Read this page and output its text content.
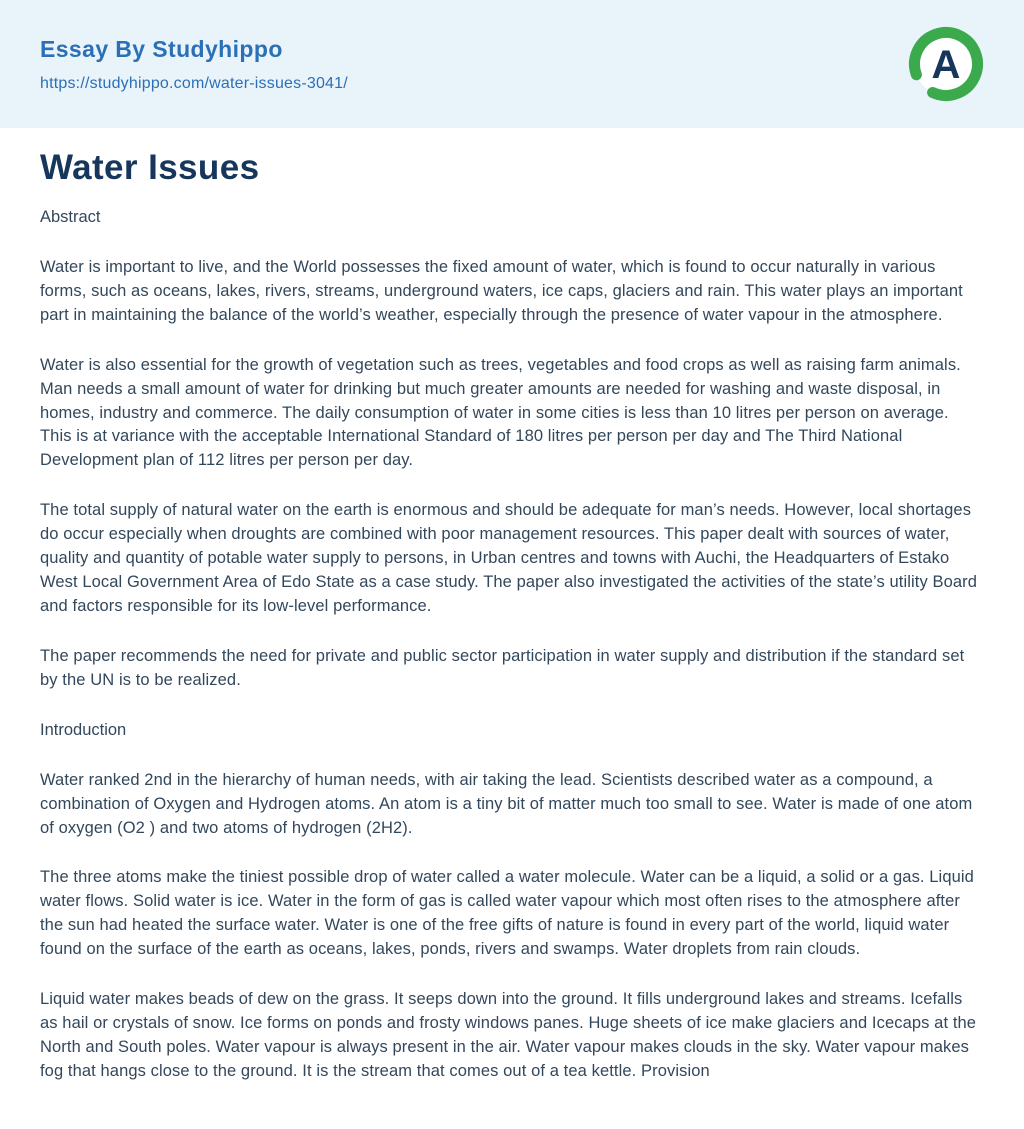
Essay By Studyhippo
https://studyhippo.com/water-issues-3041/	A
Water Issues

Abstract

Water is important to live, and the World possesses the fixed amount of water, which is found to occur naturally in various forms, such as oceans, lakes, rivers, streams, underground waters, ice caps, glaciers and rain. This water plays an important part in maintaining the balance of the world’s weather, especially through the presence of water vapour in the atmosphere.

Water is also essential for the growth of vegetation such as trees, vegetables and food crops as well as raising farm animals. Man needs a small amount of water for drinking but much greater amounts are needed for washing and waste disposal, in homes, industry and commerce. The daily consumption of water in some cities is less than 10 litres per person on average. This is at variance with the acceptable International Standard of 180 litres per person per day and The Third National Development plan of 112 litres per person per day.

The total supply of natural water on the earth is enormous and should be adequate for man’s needs. However, local shortages do occur especially when droughts are combined with poor management resources. This paper dealt with sources of water, quality and quantity of potable water supply to persons, in Urban centres and towns with Auchi, the Headquarters of Estako West Local Government Area of Edo State as a case study. The paper also investigated the activities of the state’s utility Board and factors responsible for its low-level performance.

The paper recommends the need for private and public sector participation in water supply and distribution if the standard set by the UN is to be realized.

Introduction

Water ranked 2nd in the hierarchy of human needs, with air taking the lead. Scientists described water as a compound, a combination of Oxygen and Hydrogen atoms. An atom is a tiny bit of matter much too small to see. Water is made of one atom of oxygen (O2 ) and two atoms of hydrogen (2H2).

The three atoms make the tiniest possible drop of water called a water molecule. Water can be a liquid, a solid or a gas. Liquid water flows. Solid water is ice. Water in the form of gas is called water vapour which most often rises to the atmosphere after the sun had heated the surface water. Water is one of the free gifts of nature is found in every part of the world, liquid water found on the surface of the earth as oceans, lakes, ponds, rivers and swamps. Water droplets from rain clouds.

Liquid water makes beads of dew on the grass. It seeps down into the ground. It fills underground lakes and streams. Icefalls as hail or crystals of snow. Ice forms on ponds and frosty windows panes. Huge sheets of ice make glaciers and Icecaps at the North and South poles. Water vapour is always present in the air. Water vapour makes clouds in the sky. Water vapour makes fog that hangs close to the ground. It is the stream that comes out of a tea kettle. Provision
